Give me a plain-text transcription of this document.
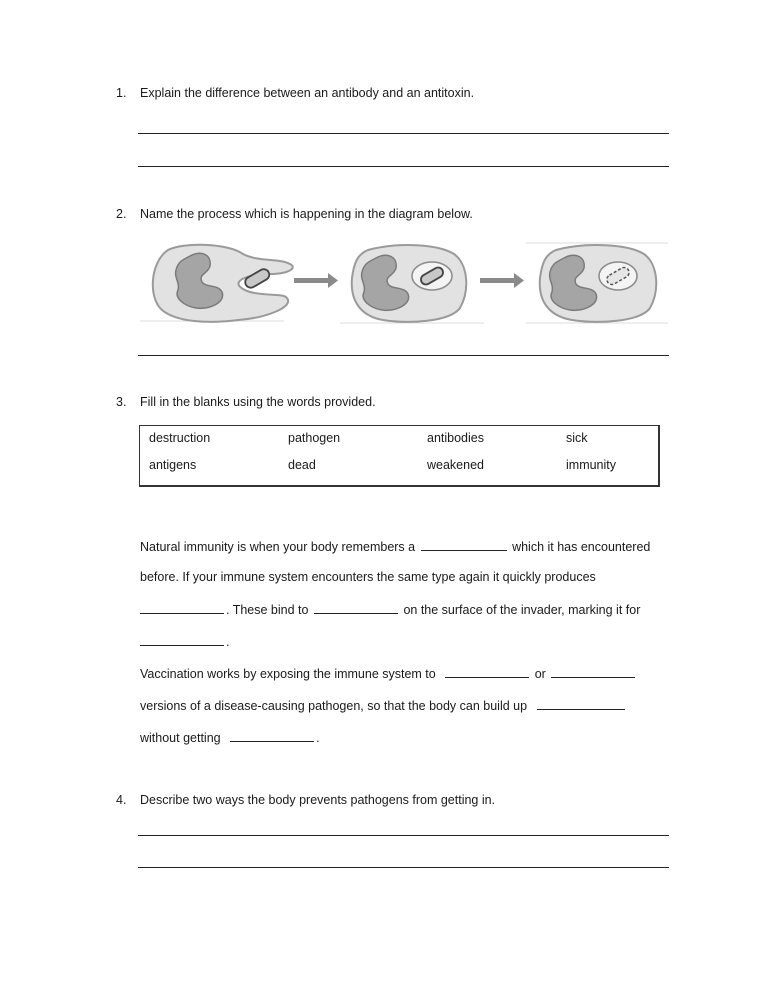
1. Explain the difference between an antibody and an antitoxin.
2. Name the process which is happening in the diagram below.
3. Fill in the blanks using the words provided.
destruction	pathogen	antibodies	sick
antigens	dead	weakened	immunity
Natural immunity is when your body remembers a	which it has encountered
before. If your immune system encounters the same type again it quickly produces
. These bind to	on the surface of the invader, marking it for
.
Vaccination works by exposing the immune system to	or
versions of a disease-causing pathogen, so that the body can build up
without getting	.
4. Describe two ways the body prevents pathogens from getting in.
